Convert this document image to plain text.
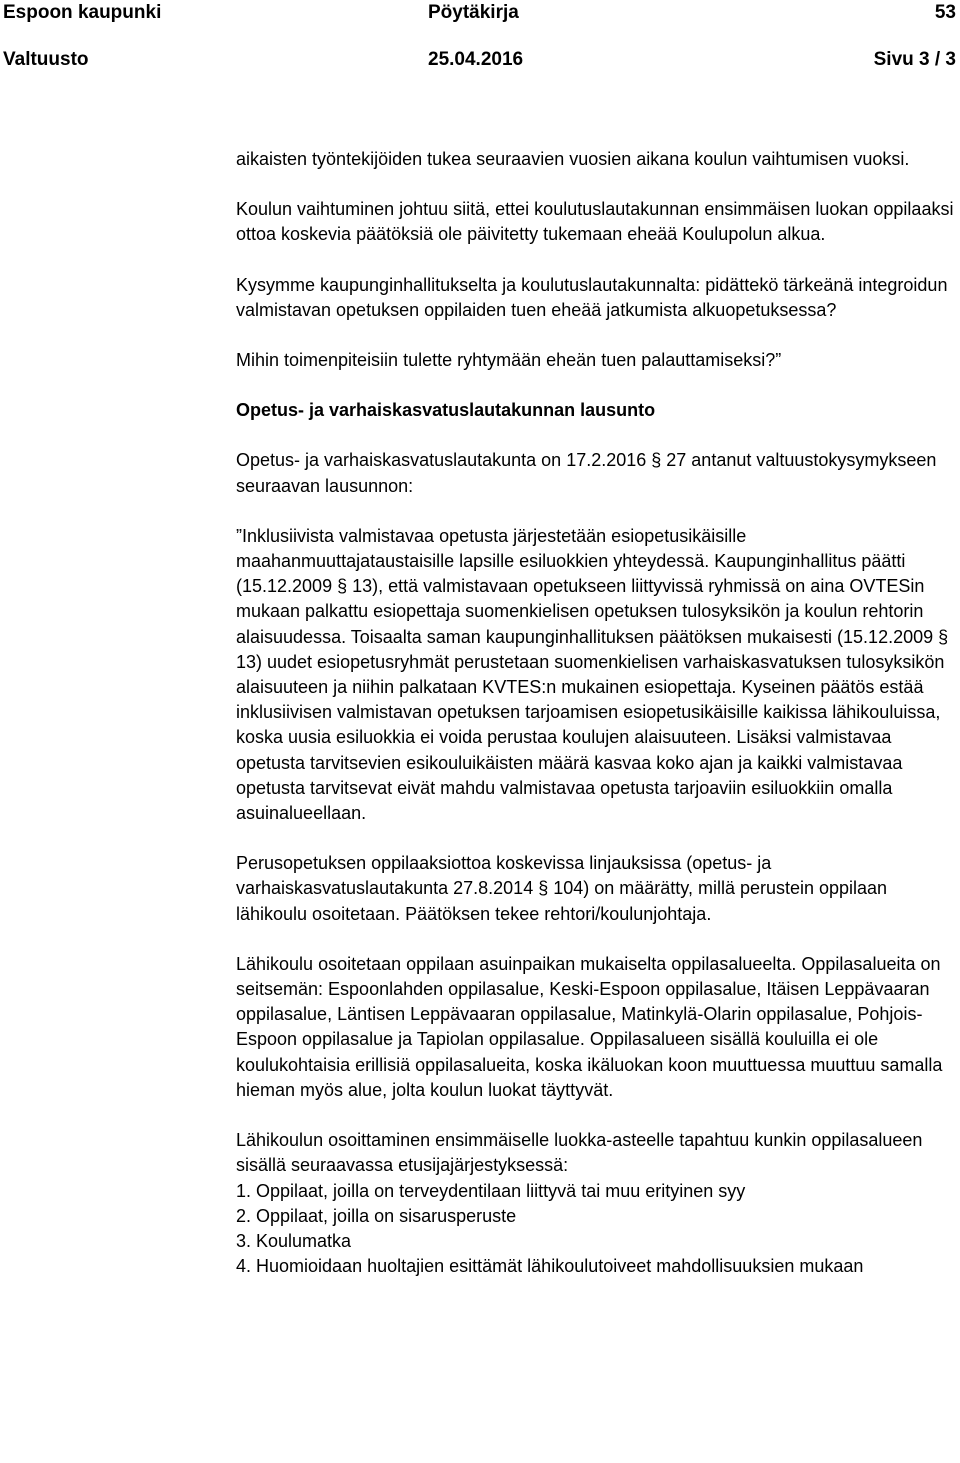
Espoon kaupunki	Pöytäkirja	53
Valtuusto	25.04.2016	Sivu 3 / 3

aikaisten työntekijöiden tukea seuraavien vuosien aikana koulun vaihtumisen vuoksi.

Koulun vaihtuminen johtuu siitä, ettei koulutuslautakunnan ensimmäisen luokan oppilaaksi ottoa koskevia päätöksiä ole päivitetty tukemaan eheää Koulupolun alkua.

Kysymme kaupunginhallitukselta ja koulutuslautakunnalta: pidättekö tärkeänä integroidun valmistavan opetuksen oppilaiden tuen eheää jatkumista alkuopetuksessa?

Mihin toimenpiteisiin tulette ryhtymään eheän tuen palauttamiseksi?”

Opetus- ja varhaiskasvatuslautakunnan lausunto

Opetus- ja varhaiskasvatuslautakunta on 17.2.2016 § 27 antanut valtuustokysymykseen seuraavan lausunnon:

”Inklusiivista valmistavaa opetusta järjestetään esiopetusikäisille maahanmuuttajataustaisille lapsille esiluokkien yhteydessä. Kaupunginhallitus päätti (15.12.2009 § 13), että valmistavaan opetukseen liittyvissä ryhmissä on aina OVTESin mukaan palkattu esiopettaja suomenkielisen opetuksen tulosyksikön ja koulun rehtorin alaisuudessa. Toisaalta saman kaupunginhallituksen päätöksen mukaisesti (15.12.2009 § 13) uudet esiopetusryhmät perustetaan suomenkielisen varhaiskasvatuksen tulosyksikön alaisuuteen ja niihin palkataan KVTES:n mukainen esiopettaja. Kyseinen päätös estää inklusiivisen valmistavan opetuksen tarjoamisen esiopetusikäisille kaikissa lähikouluissa, koska uusia esiluokkia ei voida perustaa koulujen alaisuuteen. Lisäksi valmistavaa opetusta tarvitsevien esikouluikäisten määrä kasvaa koko ajan ja kaikki valmistavaa opetusta tarvitsevat eivät mahdu valmistavaa opetusta tarjoaviin esiluokkiin omalla asuinalueellaan.

Perusopetuksen oppilaaksiottoa koskevissa linjauksissa (opetus- ja varhaiskasvatuslautakunta 27.8.2014 § 104) on määrätty, millä perustein oppilaan lähikoulu osoitetaan. Päätöksen tekee rehtori/koulunjohtaja.

Lähikoulu osoitetaan oppilaan asuinpaikan mukaiselta oppilasalueelta. Oppilasalueita on seitsemän: Espoonlahden oppilasalue, Keski-Espoon oppilasalue, Itäisen Leppävaaran oppilasalue, Läntisen Leppävaaran oppilasalue, Matinkylä-Olarin oppilasalue, Pohjois-Espoon oppilasalue ja Tapiolan oppilasalue. Oppilasalueen sisällä kouluilla ei ole koulukohtaisia erillisiä oppilasalueita, koska ikäluokan koon muuttuessa muuttuu samalla hieman myös alue, jolta koulun luokat täyttyvät.

Lähikoulun osoittaminen ensimmäiselle luokka-asteelle tapahtuu kunkin oppilasalueen sisällä seuraavassa etusijajärjestyksessä:

1. Oppilaat, joilla on terveydentilaan liittyvä tai muu erityinen syy

2. Oppilaat, joilla on sisarusperuste

3. Koulumatka

4. Huomioidaan huoltajien esittämät lähikoulutoiveet mahdollisuuksien mukaan
